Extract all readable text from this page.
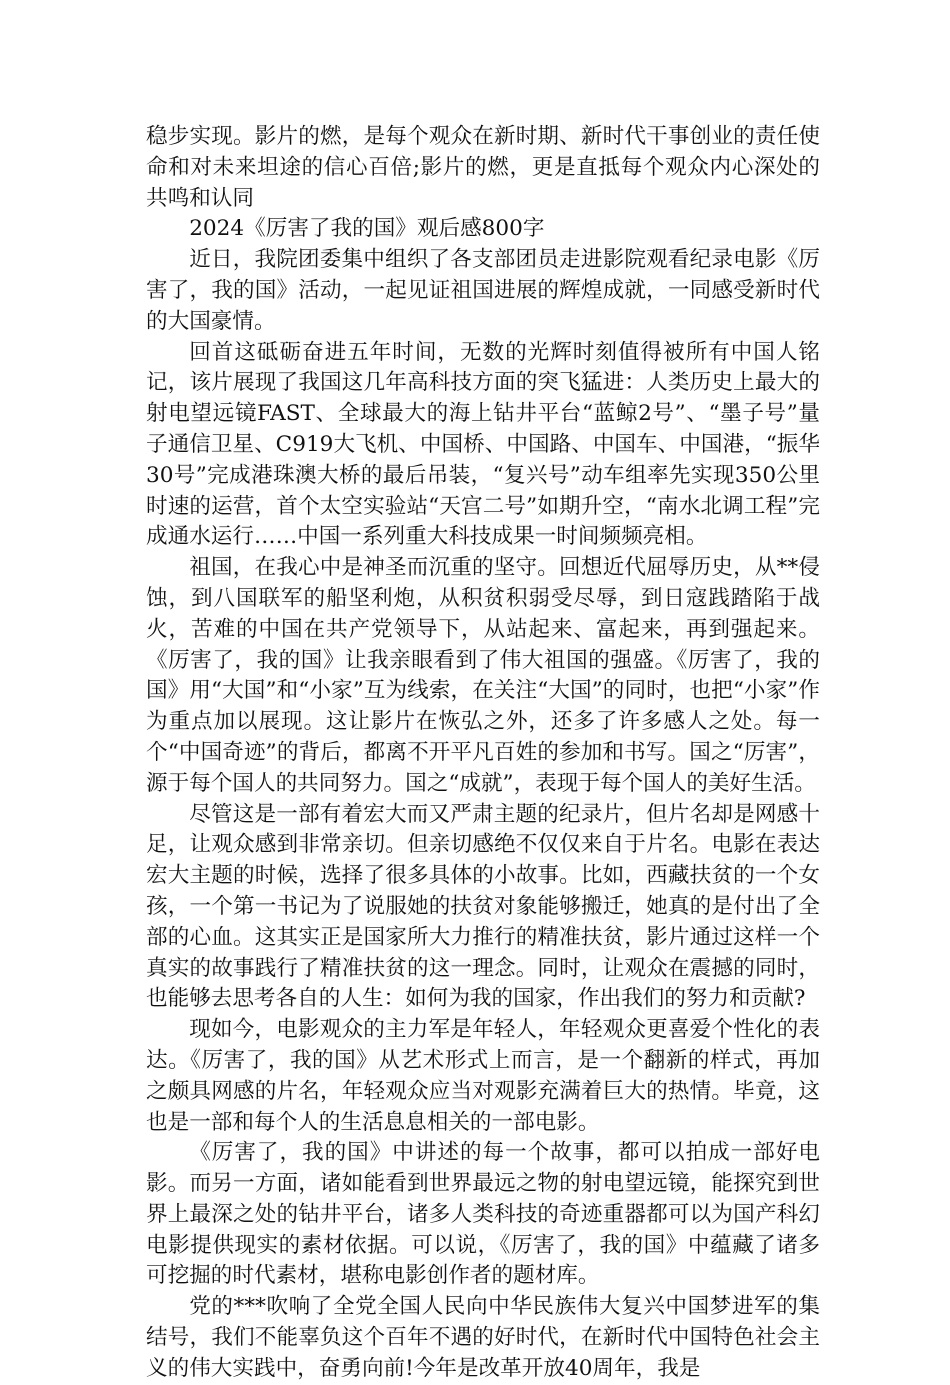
稳步实现。影片的燃，是每个观众在新时期、新时代干事创业的责任使命和对未来坦途的信心百倍;影片的燃，更是直抵每个观众内心深处的共鸣和认同

2024《厉害了我的国》观后感800字

近日，我院团委集中组织了各支部团员走进影院观看纪录电影《厉害了，我的国》活动，一起见证祖国进展的辉煌成就，一同感受新时代的大国豪情。

回首这砥砺奋进五年时间，无数的光辉时刻值得被所有中国人铭记，该片展现了我国这几年高科技方面的突飞猛进：人类历史上最大的射电望远镜FAST、全球最大的海上钻井平台“蓝鲸2号”、“墨子号”量子通信卫星、C919大飞机、中国桥、中国路、中国车、中国港，“振华30号”完成港珠澳大桥的最后吊装，“复兴号”动车组率先实现350公里时速的运营，首个太空实验站“天宫二号”如期升空，“南水北调工程”完成通水运行……中国一系列重大科技成果一时间频频亮相。

祖国，在我心中是神圣而沉重的坚守。回想近代屈辱历史，从**侵蚀，到八国联军的船坚利炮，从积贫积弱受尽辱，到日寇践踏陷于战火，苦难的中国在共产党领导下，从站起来、富起来，再到强起来。《厉害了，我的国》让我亲眼看到了伟大祖国的强盛。《厉害了，我的国》用“大国”和“小家”互为线索，在关注“大国”的同时，也把“小家”作为重点加以展现。这让影片在恢弘之外，还多了许多感人之处。每一个“中国奇迹”的背后，都离不开平凡百姓的参加和书写。国之“厉害”，源于每个国人的共同努力。国之“成就”，表现于每个国人的美好生活。

尽管这是一部有着宏大而又严肃主题的纪录片，但片名却是网感十足，让观众感到非常亲切。但亲切感绝不仅仅来自于片名。电影在表达宏大主题的时候，选择了很多具体的小故事。比如，西藏扶贫的一个女孩，一个第一书记为了说服她的扶贫对象能够搬迁，她真的是付出了全部的心血。这其实正是国家所大力推行的精准扶贫，影片通过这样一个真实的故事践行了精准扶贫的这一理念。同时，让观众在震撼的同时，也能够去思考各自的人生：如何为我的国家，作出我们的努力和贡献?

现如今，电影观众的主力军是年轻人，年轻观众更喜爱个性化的表达。《厉害了，我的国》从艺术形式上而言，是一个翻新的样式，再加之颇具网感的片名，年轻观众应当对观影充满着巨大的热情。毕竟，这也是一部和每个人的生活息息相关的一部电影。

《厉害了，我的国》中讲述的每一个故事，都可以拍成一部好电影。而另一方面，诸如能看到世界最远之物的射电望远镜，能探究到世界上最深之处的钻井平台，诸多人类科技的奇迹重器都可以为国产科幻电影提供现实的素材依据。可以说，《厉害了，我的国》中蕴藏了诸多可挖掘的时代素材，堪称电影创作者的题材库。

党的***吹响了全党全国人民向中华民族伟大复兴中国梦进军的集结号，我们不能辜负这个百年不遇的好时代，在新时代中国特色社会主义的伟大实践中，奋勇向前!今年是改革开放40周年，我是
